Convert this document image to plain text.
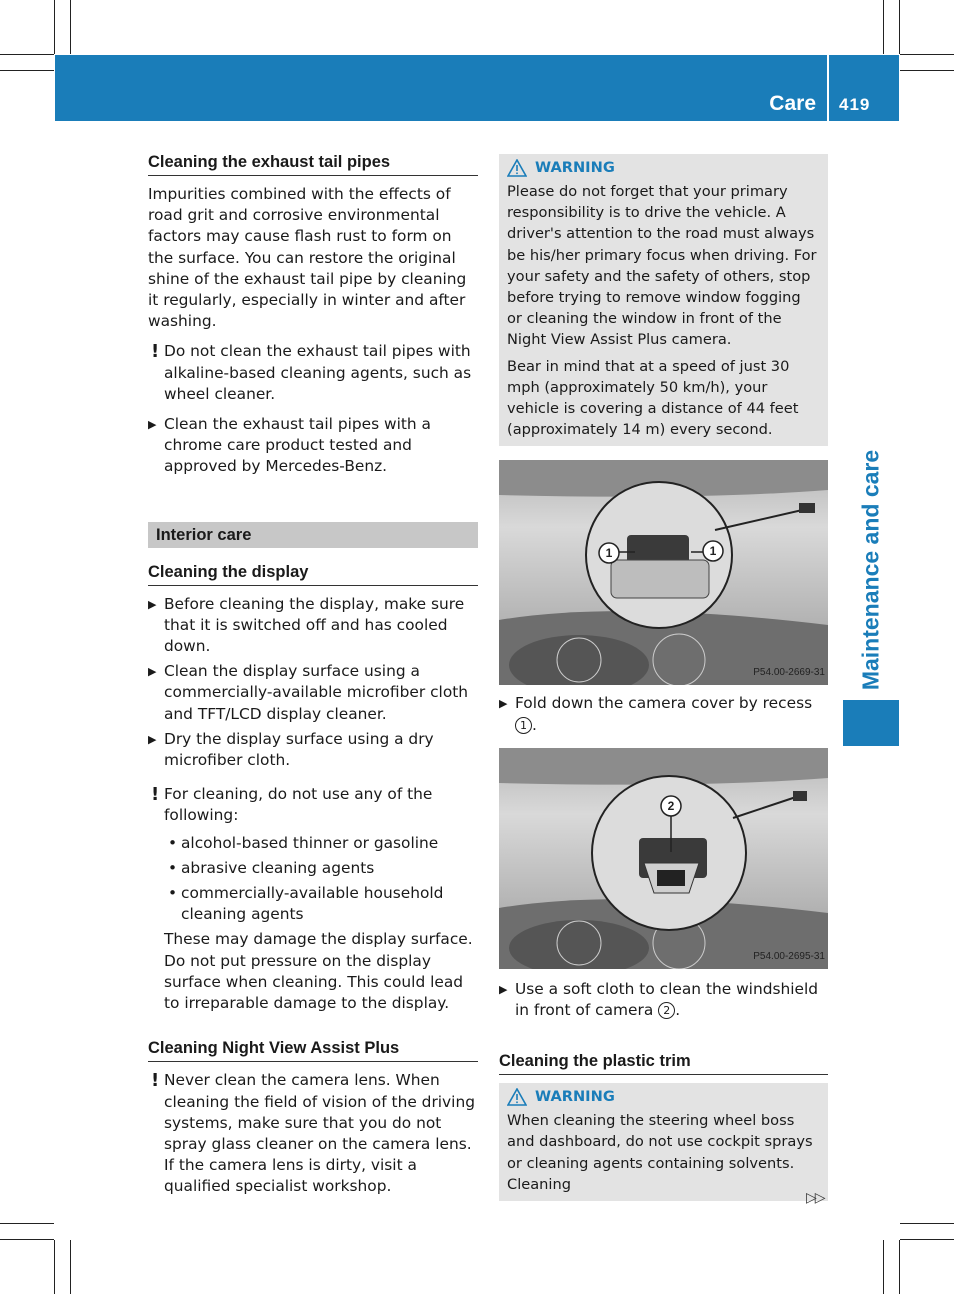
Care 419
Maintenance and care
Cleaning the exhaust tail pipes

Impurities combined with the effects of road grit and corrosive environmental factors may cause flash rust to form on the surface. You can restore the original shine of the exhaust tail pipe by cleaning it regularly, especially in winter and after washing.

! Do not clean the exhaust tail pipes with alkaline-based cleaning agents, such as wheel cleaner.
▶ Clean the exhaust tail pipes with a chrome care product tested and approved by Mercedes-Benz.
Interior care
Cleaning the display
▶ Before cleaning the display, make sure that it is switched off and has cooled down.
▶ Clean the display surface using a commercially-available microfiber cloth and TFT/LCD display cleaner.
▶ Dry the display surface using a dry microfiber cloth.
! For cleaning, do not use any of the following:
• alcohol-based thinner or gasoline
• abrasive cleaning agents
• commercially-available household cleaning agents
These may damage the display surface. Do not put pressure on the display surface when cleaning. This could lead to irreparable damage to the display.
Cleaning Night View Assist Plus
! Never clean the camera lens. When cleaning the field of vision of the driving systems, make sure that you do not spray glass cleaner on the camera lens. If the camera lens is dirty, visit a qualified specialist workshop.
WARNING

Please do not forget that your primary responsibility is to drive the vehicle. A driver's attention to the road must always be his/her primary focus when driving. For your safety and the safety of others, stop before trying to remove window fogging or cleaning the window in front of the Night View Assist Plus camera.

Bear in mind that at a speed of just 30 mph (approximately 50 km/h), your vehicle is covering a distance of 44 feet (approximately 14 m) every second.

1	1
P54.00-2669-31
▶ Fold down the camera cover by recess 1 .
2
P54.00-2695-31
▶ Use a soft cloth to clean the windshield in front of camera 2 .
Cleaning the plastic trim
WARNING

When cleaning the steering wheel boss and dashboard, do not use cockpit sprays or cleaning agents containing solvents. Cleaning

▷▷
